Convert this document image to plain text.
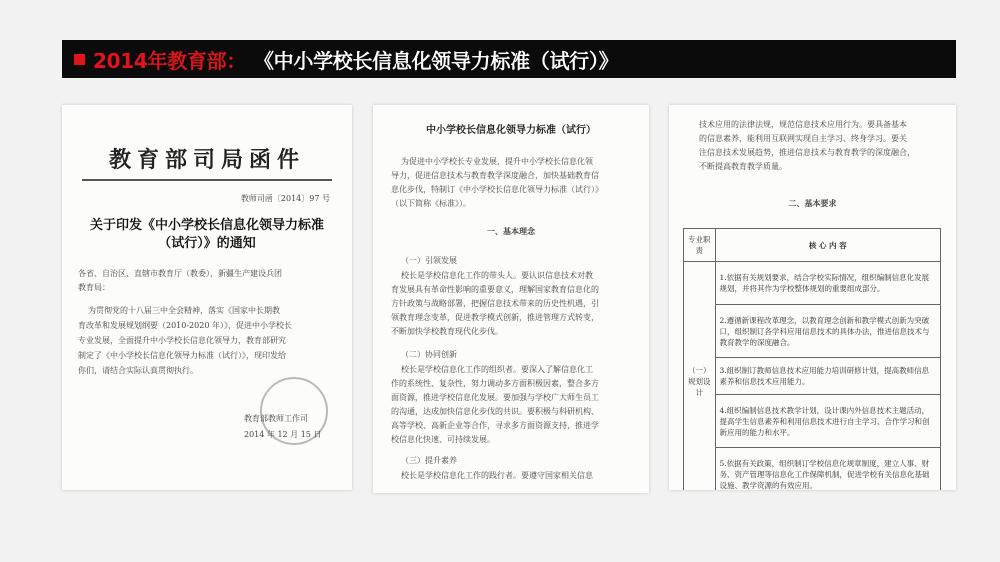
2014年教育部： 《中小学校长信息化领导力标准（试行）》
教育部司局函件
教师司函〔2014〕97 号
关于印发《中小学校长信息化领导力标准
（试行）》的通知
各省、自治区、直辖市教育厅（教委），新疆生产建设兵团
教育局：
为贯彻党的十八届三中全会精神，落实《国家中长期教
育改革和发展规划纲要（2010-2020 年）》，促进中小学校长
专业发展，全面提升中小学校长信息化领导力，教育部研究
制定了《中小学校长信息化领导力标准（试行）》，现印发给
你们，请结合实际认真贯彻执行。
教育部教师工作司
2014 年 12 月 15 日
中小学校长信息化领导力标准（试行）
为促进中小学校长专业发展，提升中小学校长信息化领
导力，促进信息技术与教育教学深度融合，加快基础教育信
息化步伐，特制订《中小学校长信息化领导力标准（试行）》
（以下简称《标准》）。
一、基本理念
（一）引领发展
校长是学校信息化工作的带头人。要认识信息技术对教
育发展具有革命性影响的重要意义，理解国家教育信息化的
方针政策与战略部署，把握信息技术带来的历史性机遇，引
领教育理念变革，促进教学模式创新，推进管理方式转变，
不断加快学校教育现代化步伐。
（二）协同创新
校长是学校信息化工作的组织者。要深入了解信息化工
作的系统性、复杂性，努力调动多方面积极因素，整合多方
面资源，推进学校信息化发展。要加强与学校广大师生员工
的沟通，达成加快信息化步伐的共识。要积极与科研机构、
高等学校、高新企业等合作，寻求多方面资源支持，推进学
校信息化快速、可持续发展。
（三）提升素养
校长是学校信息化工作的践行者。要遵守国家相关信息
技术应用的法律法规，规范信息技术应用行为。要具备基本
的信息素养，能利用互联网实现自主学习、终身学习。要关
注信息技术发展趋势，推进信息技术与教育教学的深度融合，
不断提高教育教学质量。
二、基本要求
专业职责	核 心 内 容
（一）规划设计	1.依据有关规划要求，结合学校实际情况，组织编制信息化发展规划，并将其作为学校整体规划的重要组成部分。
	2.遵循新课程改革理念，以教育理念创新和教学模式创新为突破口，组织制订各学科应用信息技术的具体办法，推进信息技术与教育教学的深度融合。
	3.组织制订教师信息技术应用能力培训研修计划，提高教师信息素养和信息技术应用能力。
	4.组织编制信息技术教学计划，设计课内外信息技术主题活动，提高学生信息素养和利用信息技术进行自主学习、合作学习和创新应用的能力和水平。
	5.依据有关政策，组织制订学校信息化规章制度，建立人事、财务、资产管理等信息化工作保障机制，促进学校有关信息化基础设施、教学资源的有效应用。
